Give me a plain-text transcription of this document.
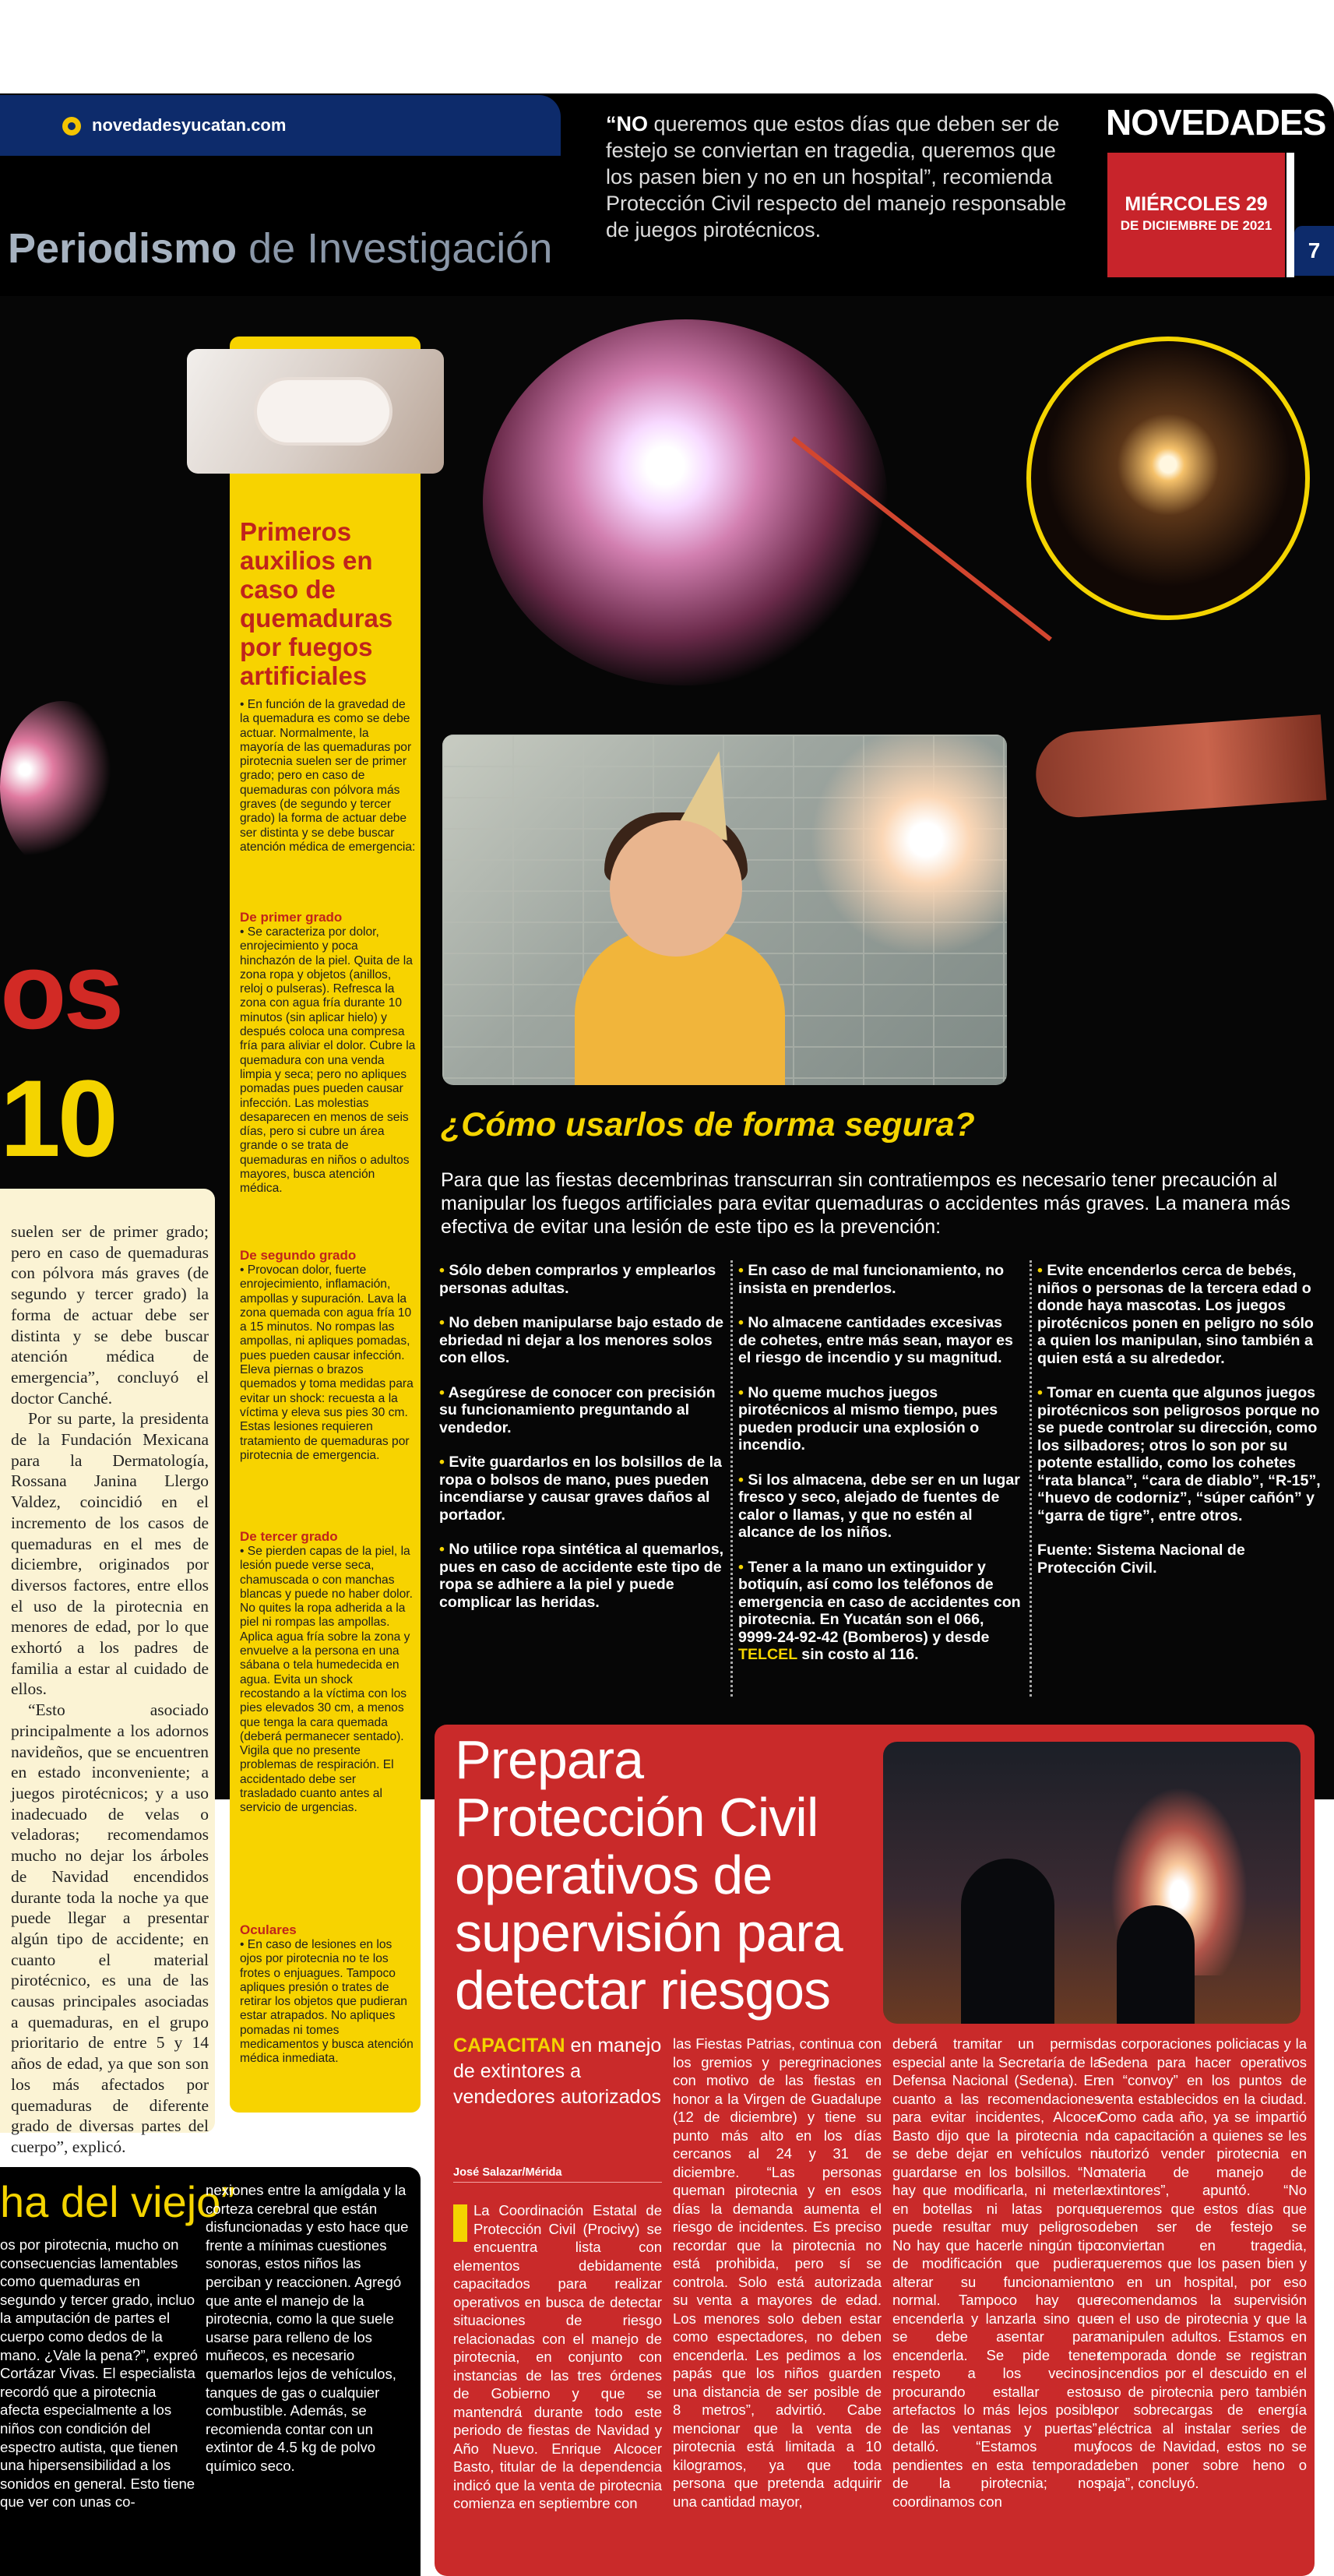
novedadesyucatan.com
Periodismo de Investigación
“NO queremos que estos días que deben ser de festejo se conviertan en tragedia, queremos que los pasen bien y no en un hospital”, recomienda Protección Civil respecto del manejo responsable de juegos pirotécnicos.
NOVEDADES
MIÉRCOLES 29
DE DICIEMBRE DE 2021
7
Primeros auxilios en caso de quemaduras por fuegos artificiales
• En función de la gravedad de la quemadura es como se debe actuar. Normalmente, la mayoría de las quemaduras por pirotecnia suelen ser de primer grado; pero en caso de quemaduras con pólvora más graves (de segundo y tercer grado) la forma de actuar debe ser distinta y se debe buscar atención médica de emergencia:
De primer grado
• Se caracteriza por dolor, enrojecimiento y poca hinchazón de la piel. Quita de la zona ropa y objetos (anillos, reloj o pulseras). Refresca la zona con agua fría durante 10 minutos (sin aplicar hielo) y después coloca una compresa fría para aliviar el dolor. Cubre la quemadura con una venda limpia y seca; pero no apliques pomadas pues pueden causar infección. Las molestias desaparecen en menos de seis días, pero si cubre un área grande o se trata de quemaduras en niños o adultos mayores, busca atención médica.
De segundo grado
• Provocan dolor, fuerte enrojecimiento, inflamación, ampollas y supuración. Lava la zona quemada con agua fría 10 a 15 minutos. No rompas las ampollas, ni apliques pomadas, pues pueden causar infección. Eleva piernas o brazos quemados y toma medidas para evitar un shock: recuesta a la víctima y eleva sus pies 30 cm. Estas lesiones requieren tratamiento de quemaduras por pirotecnia de emergencia.
De tercer grado
• Se pierden capas de la piel, la lesión puede verse seca, chamuscada o con manchas blancas y puede no haber dolor. No quites la ropa adherida a la piel ni rompas las ampollas. Aplica agua fría sobre la zona y envuelve a la persona en una sábana o tela humedecida en agua. Evita un shock recostando a la víctima con los pies elevados 30 cm, a menos que tenga la cara quemada (deberá permanecer sentado). Vigila que no presente problemas de respiración. El accidentado debe ser trasladado cuanto antes al servicio de urgencias.
Oculares
• En caso de lesiones en los ojos por pirotecnia no te los frotes o enjuagues. Tampoco apliques presión o trates de retirar los objetos que pudieran estar atrapados. No apliques pomadas ni tomes medicamentos y busca atención médica inmediata.
os
10	¿Cómo usarlos de forma segura?
Para que las fiestas decembrinas transcurran sin contratiempos es necesario tener precaución al manipular los fuegos artificiales para evitar quemaduras o accidentes más graves. La manera más efectiva de evitar una lesión de este tipo es la prevención:

• Sólo deben comprarlos y emplearlos personas adultas.

• No deben manipularse bajo estado de ebriedad ni dejar a los menores solos con ellos.

• Asegúrese de conocer con precisión su funcionamiento preguntando al vendedor.

• Evite guardarlos en los bolsillos de la ropa o bolsos de mano, pues pueden incendiarse y causar graves daños al portador.

• No utilice ropa sintética al quemarlos, pues en caso de accidente este tipo de ropa se adhiere a la piel y puede complicar las heridas.

• En caso de mal funcionamiento, no insista en prenderlos.

• No almacene cantidades excesivas de cohetes, entre más sean, mayor es el riesgo de incendio y su magnitud.

• No queme muchos juegos pirotécnicos al mismo tiempo, pues pueden producir una explosión o incendio.

• Si los almacena, debe ser en un lugar fresco y seco, alejado de fuentes de calor o llamas, y que no estén al alcance de los niños.

• Tener a la mano un extinguidor y botiquín, así como los teléfonos de emergencia en caso de accidentes con pirotecnia. En Yucatán son el 066, 9999-24-92-42 (Bomberos) y desde TELCEL sin costo al 116.

• Evite encenderlos cerca de bebés, niños o personas de la tercera edad o donde haya mascotas. Los juegos pirotécnicos ponen en peligro no sólo a quien los manipulan, sino también a quien está a su alrededor.

• Tomar en cuenta que algunos juegos pirotécnicos son peligrosos porque no se puede controlar su dirección, como los silbadores; otros lo son por su potente estallido, como los cohetes “rata blanca”, “cara de diablo”, “R-15”, “huevo de codorniz”, “súper cañón” y “garra de tigre”, entre otros.

Fuente: Sistema Nacional de Protección Civil.

suelen ser de primer grado; pero en caso de quemaduras con pólvora más graves (de segundo y tercer grado) la forma de actuar debe ser distinta y se debe buscar atención médica de emergencia”, concluyó el doctor Canché.

Por su parte, la presidenta de la Fundación Mexicana para la Dermatología, Rossana Janina Llergo Valdez, coincidió en el incremento de los casos de quemaduras en el mes de diciembre, originados por diversos factores, entre ellos el uso de la pirotecnia en menores de edad, por lo que exhortó a los padres de familia a estar al cuidado de ellos.

“Esto asociado principalmente a los adornos navideños, que se encuentren en estado inconveniente; a juegos pirotécnicos; y a uso inadecuado de velas o veladoras; recomendamos mucho no dejar los árboles de Navidad encendidos durante toda la noche ya que puede llegar a presentar algún tipo de accidente; en cuanto el material pirotécnico, es una de las causas principales asociadas a quemaduras, en el grupo prioritario de entre 5 y 14 años de edad, ya que son son los más afectados por quemaduras de diferente grado de diversas partes del cuerpo”, explicó.

ha del viejo”
os por pirotecnia, mucho on consecuencias lamentables como quemaduras en segundo y tercer grado, incluo la amputación de partes el cuerpo como dedos de la mano. ¿Vale la pena?”, expreó Cortázar Vivas. El especialista recordó que a pirotecnia afecta especialmente a los niños con condición del espectro autista, que tienen una hipersensibilidad a los sonidos en general. Esto tiene que ver con unas co-
nexiones entre la amígdala y la corteza cerebral que están disfuncionadas y esto hace que frente a mínimas cuestiones sonoras, estos niños las perciban y reaccionen. Agregó que ante el manejo de la pirotecnia, como la que suele usarse para relleno de los muñecos, es necesario quemarlos lejos de vehículos, tanques de gas o cualquier combustible. Además, se recomienda contar con un extintor de 4.5 kg de polvo químico seco.
Prepara Protección Civil operativos de supervisión para detectar riesgos
CAPACITAN en manejo de extintores a vendedores autorizados
José Salazar/Mérida
La Coordinación Estatal de Protección Civil (Procivy) se encuentra lista con elementos debidamente capacitados para realizar operativos en busca de detectar situaciones de riesgo relacionadas con el manejo de pirotecnia, en conjunto con instancias de las tres órdenes de Gobierno y que se mantendrá durante todo este periodo de fiestas de Navidad y Año Nuevo. Enrique Alcocer Basto, titular de la dependencia indicó que la venta de pirotecnia comienza en septiembre con
las Fiestas Patrias, continua con los gremios y peregrinaciones con motivo de las fiestas en honor a la Virgen de Guadalupe (12 de diciembre) y tiene su punto más alto en los días cercanos al 24 y 31 de diciembre. “Las personas queman pirotecnia y en esos días la demanda aumenta el riesgo de incidentes. Es preciso recordar que la pirotecnia no está prohibida, pero sí se controla. Solo está autorizada su venta a mayores de edad. Los menores solo deben estar como espectadores, no deben encenderla. Les pedimos a los papás que los niños guarden una distancia de ser posible de 8 metros”, advirtió. Cabe mencionar que la venta de pirotecnia está limitada a 10 kilogramos, ya que toda persona que pretenda adquirir una cantidad mayor,
deberá tramitar un permiso especial ante la Secretaría de la Defensa Nacional (Sedena). En cuanto a las recomendaciones para evitar incidentes, Alcocer Basto dijo que la pirotecnia no se debe dejar en vehículos ni guardarse en los bolsillos. “No hay que modificarla, ni meterla en botellas ni latas porque puede resultar muy peligroso. No hay que hacerle ningún tipo de modificación que pudiera alterar su funcionamiento normal. Tampoco hay que encenderla y lanzarla sino que se debe asentar para encenderla. Se pide tener respeto a los vecinos, procurando estallar estos artefactos lo más lejos posible de las ventanas y puertas”, detalló. “Estamos muy pendientes en esta temporada de la pirotecnia; nos coordinamos con
las corporaciones policiacas y la Sedena para hacer operativos en “convoy” en los puntos de venta establecidos en la ciudad. Como cada año, ya se impartió la capacitación a quienes se les autorizó vender pirotecnia en materia de manejo de extintores”, apuntó. “No queremos que estos días que deben ser de festejo se conviertan en tragedia, queremos que los pasen bien y no en un hospital, por eso recomendamos la supervisión en el uso de pirotecnia y que la manipulen adultos. Estamos en temporada donde se registran incendios por el descuido en el uso de pirotecnia pero también por sobrecargas de energía eléctrica al instalar series de focos de Navidad, estos no se deben poner sobre heno o paja”, concluyó.
